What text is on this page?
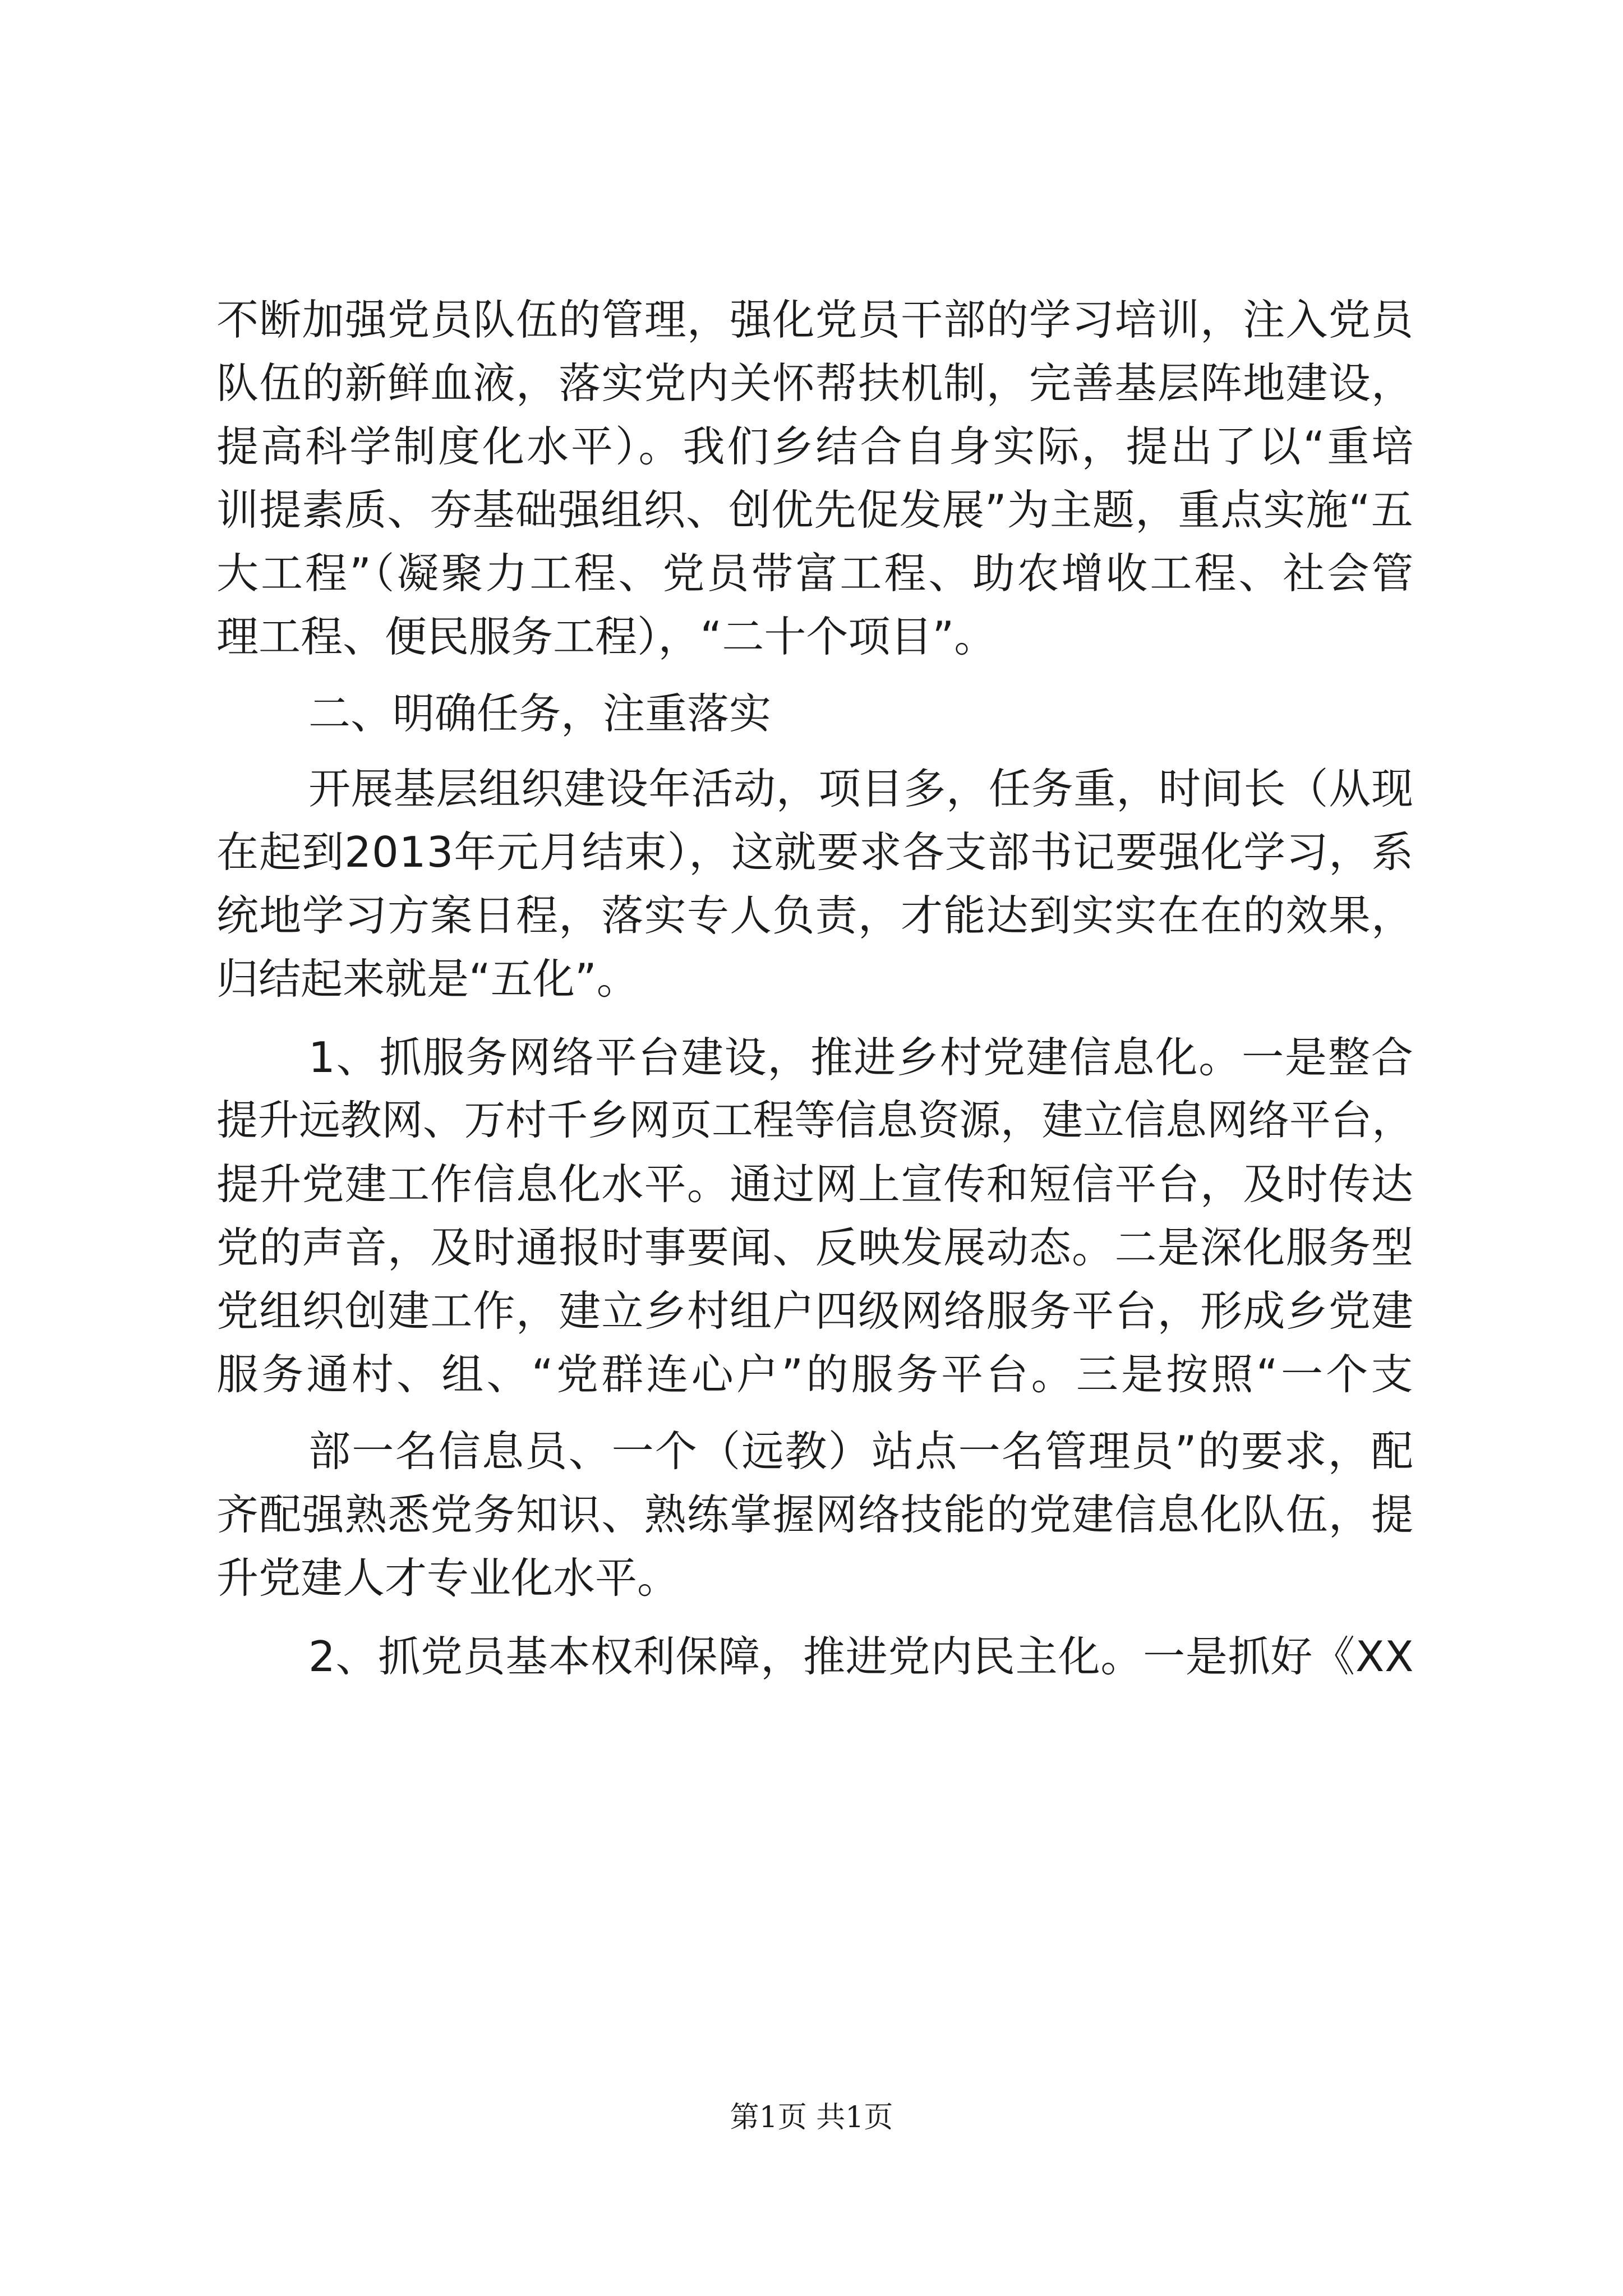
不断加强党员队伍的管理，强化党员干部的学习培训，注入党员
队伍的新鲜血液，落实党内关怀帮扶机制，完善基层阵地建设，
提高科学制度化水平）。我们乡结合自身实际，提出了以“重培
训提素质、夯基础强组织、创优先促发展”为主题，重点实施“五
大工程”（凝聚力工程、党员带富工程、助农增收工程、社会管
理工程、便民服务工程），“二十个项目”。
二、明确任务，注重落实
开展基层组织建设年活动，项目多，任务重，时间长（从现
在起到2013年元月结束），这就要求各支部书记要强化学习，系
统地学习方案日程，落实专人负责，才能达到实实在在的效果，
归结起来就是“五化”。
1、抓服务网络平台建设，推进乡村党建信息化。一是整合
提升远教网、万村千乡网页工程等信息资源，建立信息网络平台，
提升党建工作信息化水平。通过网上宣传和短信平台，及时传达
党的声音，及时通报时事要闻、反映发展动态。二是深化服务型
党组织创建工作，建立乡村组户四级网络服务平台，形成乡党建
服务通村、组、“党群连心户”的服务平台。三是按照“一个支
部一名信息员、一个（远教）站点一名管理员”的要求，配
齐配强熟悉党务知识、熟练掌握网络技能的党建信息化队伍，提
升党建人才专业化水平。
2、抓党员基本权利保障，推进党内民主化。一是抓好《XX
第1页 共1页
